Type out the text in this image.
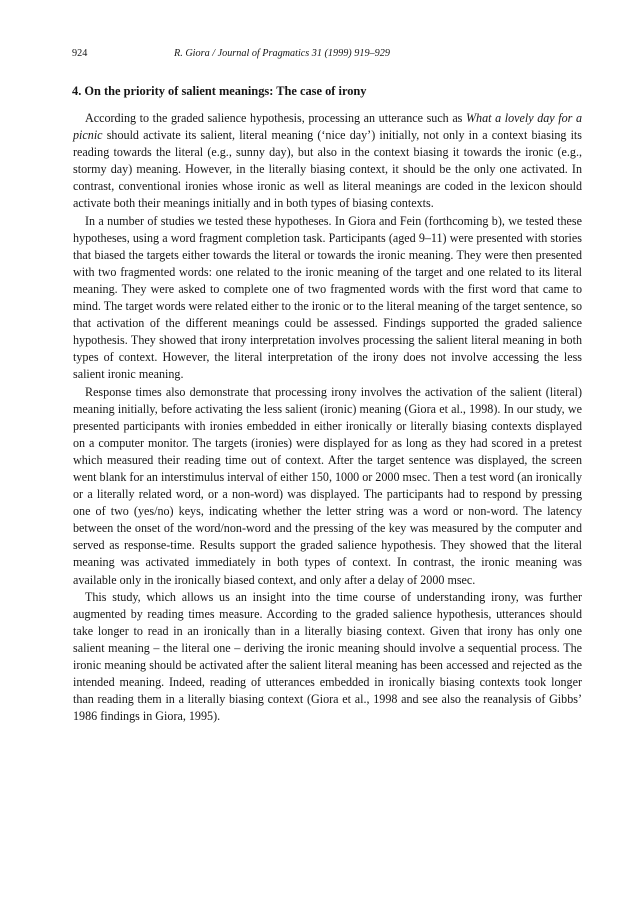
924	R. Giora / Journal of Pragmatics 31 (1999) 919–929
4. On the priority of salient meanings: The case of irony

According to the graded salience hypothesis, processing an utterance such as What a lovely day for a picnic should activate its salient, literal meaning (‘nice day’) initially, not only in a context biasing its reading towards the literal (e.g., sunny day), but also in the context biasing it towards the ironic (e.g., stormy day) meaning. However, in the literally biasing context, it should be the only one activated. In contrast, conventional ironies whose ironic as well as literal meanings are coded in the lexicon should activate both their meanings initially and in both types of biasing contexts.

In a number of studies we tested these hypotheses. In Giora and Fein (forthcoming b), we tested these hypotheses, using a word fragment completion task. Participants (aged 9–11) were presented with stories that biased the targets either towards the literal or towards the ironic meaning. They were then presented with two fragmented words: one related to the ironic meaning of the target and one related to its literal meaning. They were asked to complete one of two fragmented words with the first word that came to mind. The target words were related either to the ironic or to the literal meaning of the target sentence, so that activation of the different meanings could be assessed. Findings supported the graded salience hypothesis. They showed that irony interpretation involves processing the salient literal meaning in both types of context. However, the literal interpretation of the irony does not involve accessing the less salient ironic meaning.

Response times also demonstrate that processing irony involves the activation of the salient (literal) meaning initially, before activating the less salient (ironic) meaning (Giora et al., 1998). In our study, we presented participants with ironies embedded in either ironically or literally biasing contexts displayed on a computer monitor. The targets (ironies) were displayed for as long as they had scored in a pretest which measured their reading time out of context. After the target sentence was displayed, the screen went blank for an interstimulus interval of either 150, 1000 or 2000 msec. Then a test word (an ironically or a literally related word, or a non-word) was displayed. The participants had to respond by pressing one of two (yes/no) keys, indicating whether the letter string was a word or non-word. The latency between the onset of the word/non-word and the pressing of the key was measured by the computer and served as response-time. Results support the graded salience hypothesis. They showed that the literal meaning was activated immediately in both types of context. In contrast, the ironic meaning was available only in the ironically biased context, and only after a delay of 2000 msec.

This study, which allows us an insight into the time course of understanding irony, was further augmented by reading times measure. According to the graded salience hypothesis, utterances should take longer to read in an ironically than in a literally biasing context. Given that irony has only one salient meaning – the literal one – deriving the ironic meaning should involve a sequential process. The ironic meaning should be activated after the salient literal meaning has been accessed and rejected as the intended meaning. Indeed, reading of utterances embedded in ironically biasing contexts took longer than reading them in a literally biasing context (Giora et al., 1998 and see also the reanalysis of Gibbs’ 1986 findings in Giora, 1995).
